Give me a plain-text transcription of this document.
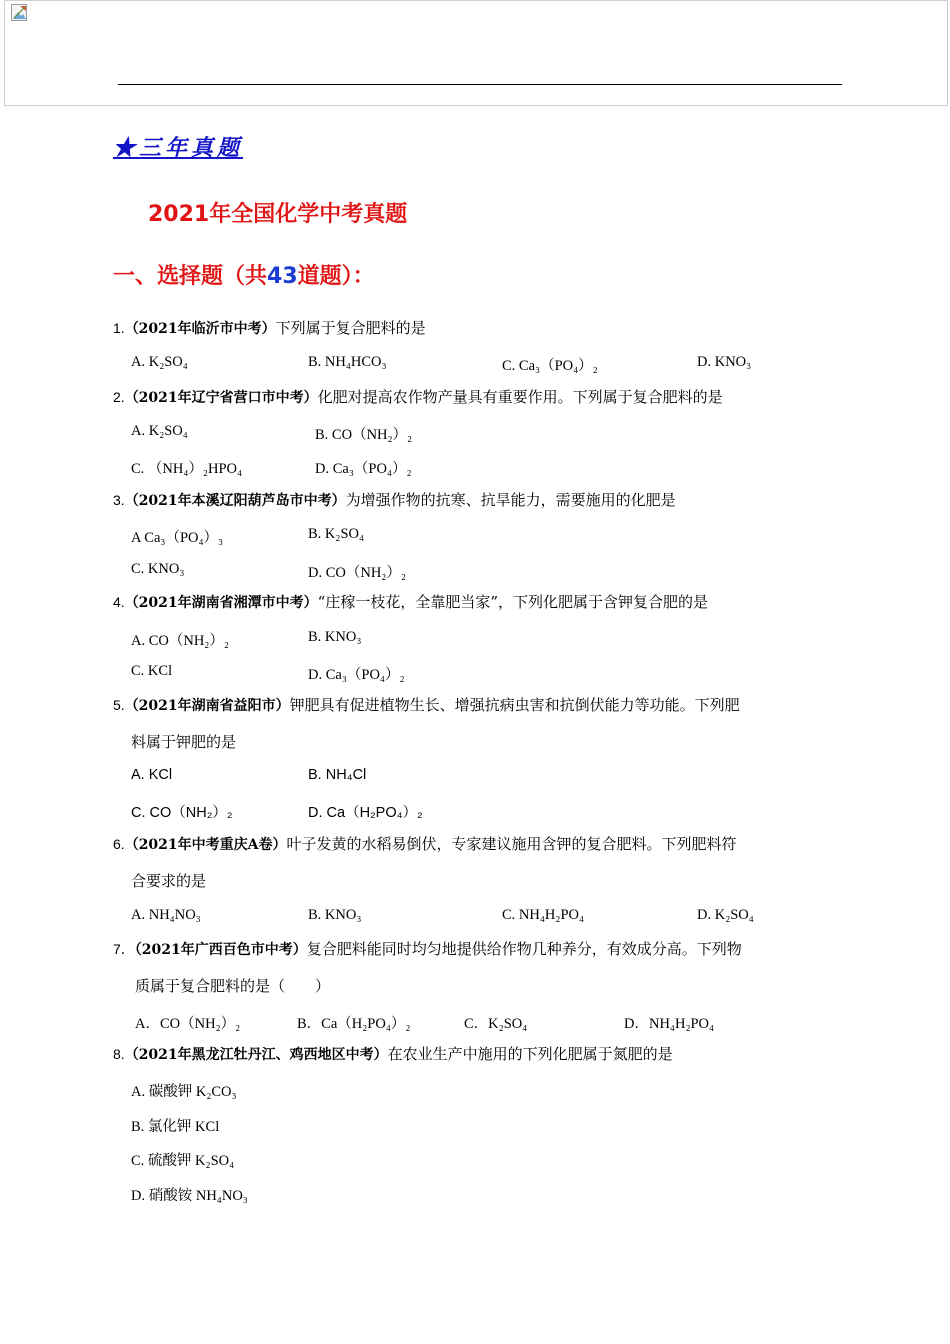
★三年真题
2021年全国化学中考真题
一、选择题（共43道题）：
1.（2021年临沂市中考）下列属于复合肥料的是
A. K₂SO₄	B. NH₄HCO₃	C. Ca₃（PO₄）₂	D. KNO₃
2.（2021年辽宁省营口市中考）化肥对提高农作物产量具有重要作用。下列属于复合肥料的是
A. K₂SO₄	B. CO（NH₂）₂
C. （NH₄）₂HPO₄	D. Ca₃（PO₄）₂
3.（2021年本溪辽阳葫芦岛市中考）为增强作物的抗寒、抗旱能力，需要施用的化肥是
A Ca₃（PO₄）₃	B. K₂SO₄
C. KNO₃	D. CO（NH₂）₂
4.（2021年湖南省湘潭市中考）“庄稼一枝花，全靠肥当家”，下列化肥属于含钾复合肥的是
A. CO（NH₂）₂	B. KNO₃
C. KCl	D. Ca₃（PO₄）₂
5.（2021年湖南省益阳市）钾肥具有促进植物生长、增强抗病虫害和抗倒伏能力等功能。下列肥
料属于钾肥的是
A. KCl	B. NH₄Cl
C. CO（NH₂）₂	D. Ca（H₂PO₄）₂
6.（2021年中考重庆A卷）叶子发黄的水稻易倒伏，专家建议施用含钾的复合肥料。下列肥料符
合要求的是
A. NH₄NO₃	B. KNO₃	C. NH₄H₂PO₄	D. K₂SO₄
7．（2021年广西百色市中考）复合肥料能同时均匀地提供给作物几种养分，有效成分高。下列物
质属于复合肥料的是（　　）
A．CO（NH₂）₂	B．Ca（H₂PO₄）₂	C．K₂SO₄	D．NH₄H₂PO₄
8.（2021年黑龙江牡丹江、鸡西地区中考）在农业生产中施用的下列化肥属于氮肥的是
A. 碳酸钾 K₂CO₃
B. 氯化钾 KCl
C. 硫酸钾 K₂SO₄
D. 硝酸铵 NH₄NO₃
